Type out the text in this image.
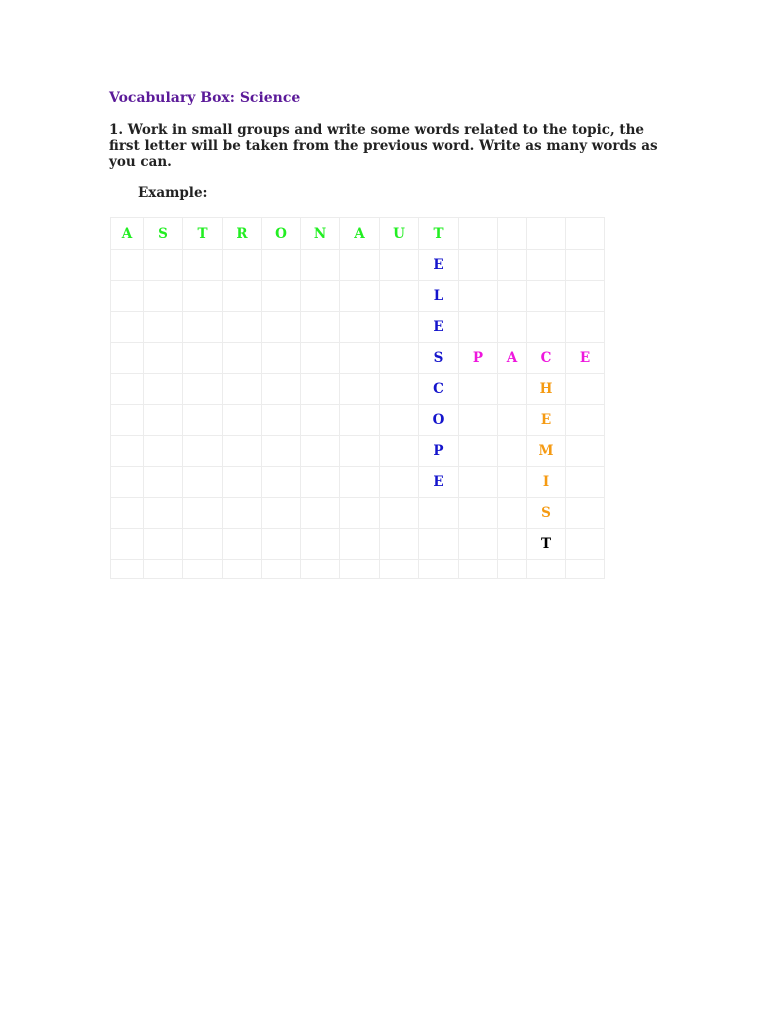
Vocabulary Box: Science
1. Work in small groups and write some words related to the topic, the first letter will be taken from the previous word. Write as many words as you can.
Example:
A	S	T	R	O	N	A	U	T				
								E				
								L				
								E				
								S	P	A	C	E
								C			H	
								O			E	
								P			M	
								E			I	
											S	
											T	
